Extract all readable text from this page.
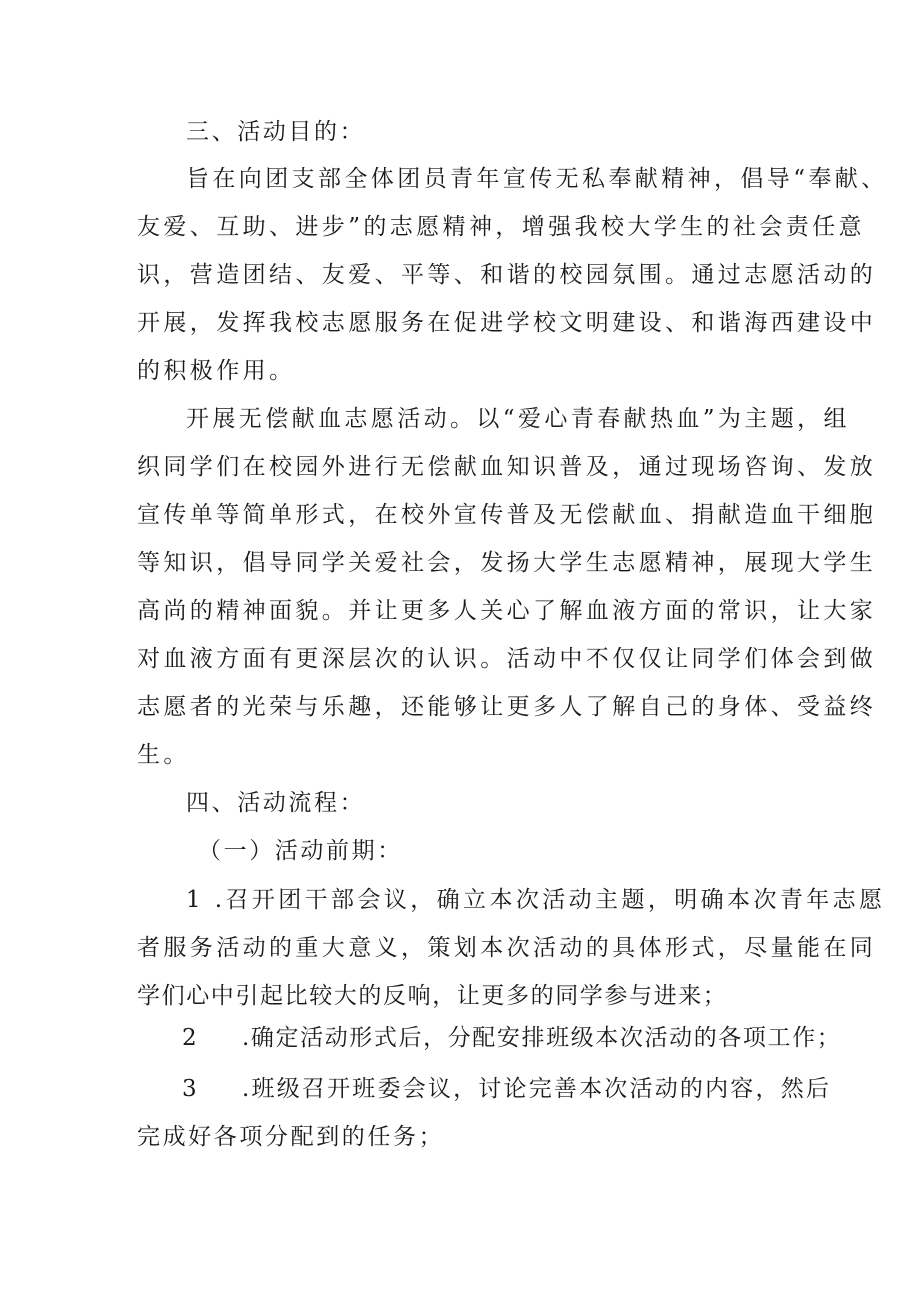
三、活动目的：
旨在向团支部全体团员青年宣传无私奉献精神，倡导“奉献、
友爱、互助、进步”的志愿精神，增强我校大学生的社会责任意
识，营造团结、友爱、平等、和谐的校园氛围。通过志愿活动的
开展，发挥我校志愿服务在促进学校文明建设、和谐海西建设中
的积极作用。
开展无偿献血志愿活动。以“爱心青春献热血”为主题，组
织同学们在校园外进行无偿献血知识普及，通过现场咨询、发放
宣传单等简单形式，在校外宣传普及无偿献血、捐献造血干细胞
等知识，倡导同学关爱社会，发扬大学生志愿精神，展现大学生
高尚的精神面貌。并让更多人关心了解血液方面的常识，让大家
对血液方面有更深层次的认识。活动中不仅仅让同学们体会到做
志愿者的光荣与乐趣，还能够让更多人了解自己的身体、受益终
生。
四、活动流程：
（一）活动前期：
1 .召开团干部会议，确立本次活动主题，明确本次青年志愿
者服务活动的重大意义，策划本次活动的具体形式，尽量能在同
学们心中引起比较大的反响，让更多的同学参与进来；
2	.确定活动形式后，分配安排班级本次活动的各项工作；
3	.班级召开班委会议，讨论完善本次活动的内容，然后
完成好各项分配到的任务；
